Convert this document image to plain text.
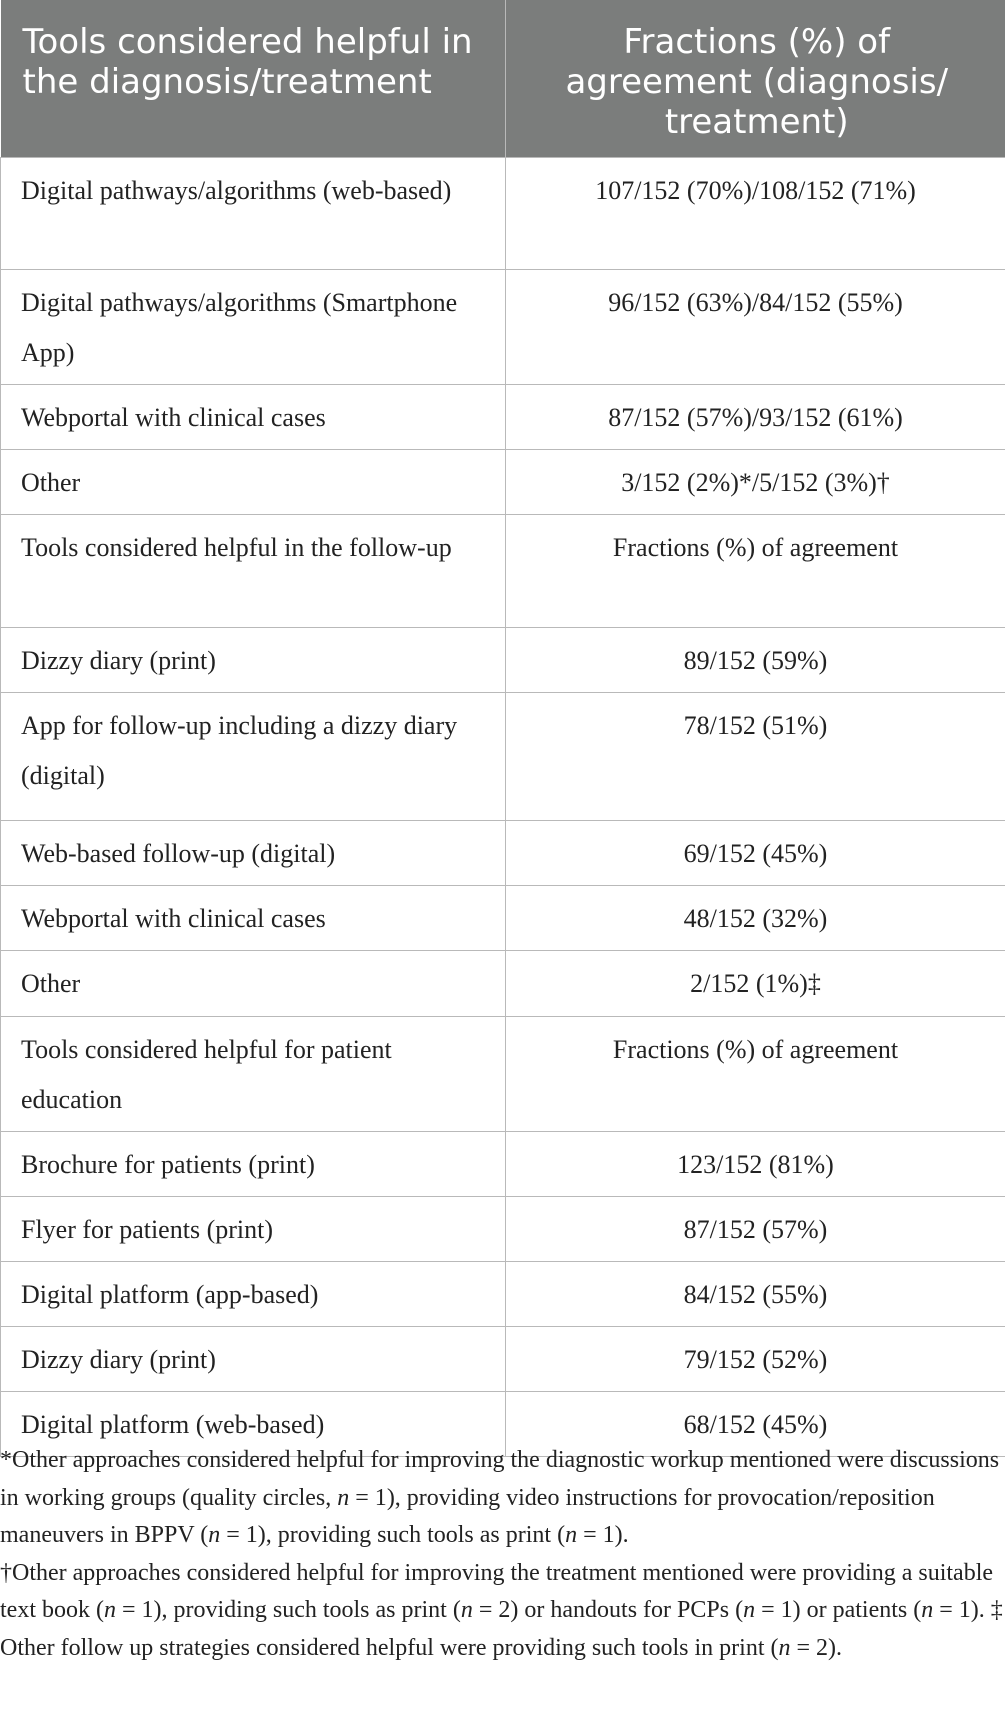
Tools considered helpful in the diagnosis/treatment	Fractions (%) of agreement (diagnosis/ treatment)
Digital pathways/algorithms (web-based)	107/152 (70%)/108/152 (71%)
Digital pathways/algorithms (Smartphone App)	96/152 (63%)/84/152 (55%)
Webportal with clinical cases	87/152 (57%)/93/152 (61%)
Other	3/152 (2%)*/5/152 (3%)†
Tools considered helpful in the follow-up	Fractions (%) of agreement
Dizzy diary (print)	89/152 (59%)
App for follow-up including a dizzy diary (digital)	78/152 (51%)
Web-based follow-up (digital)	69/152 (45%)
Webportal with clinical cases	48/152 (32%)
Other	2/152 (1%)‡
Tools considered helpful for patient education	Fractions (%) of agreement
Brochure for patients (print)	123/152 (81%)
Flyer for patients (print)	87/152 (57%)
Digital platform (app-based)	84/152 (55%)
Dizzy diary (print)	79/152 (52%)
Digital platform (web-based)	68/152 (45%)

*Other approaches considered helpful for improving the diagnostic workup mentioned were discussions in working groups (quality circles, n = 1), providing video instructions for provocation/reposition maneuvers in BPPV (n = 1), providing such tools as print (n = 1).

†Other approaches considered helpful for improving the treatment mentioned were providing a suitable text book (n = 1), providing such tools as print (n = 2) or handouts for PCPs (n = 1) or patients (n = 1). ‡ Other follow up strategies considered helpful were providing such tools in print (n = 2).
